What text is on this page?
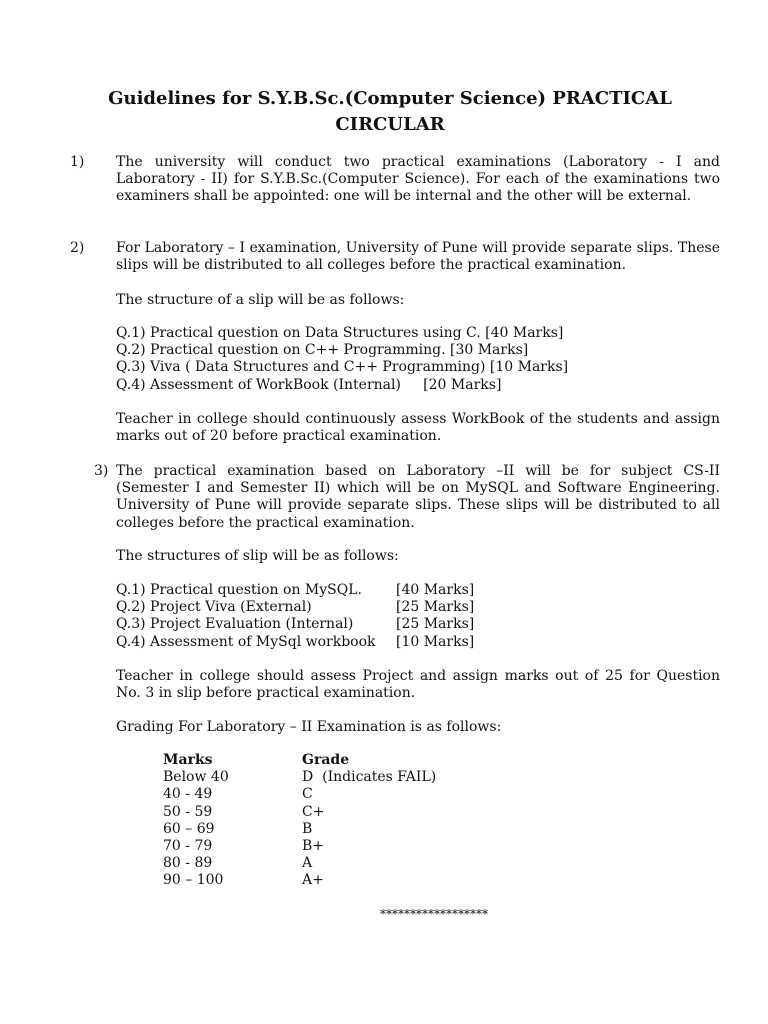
Guidelines for S.Y.B.Sc.(Computer Science) PRACTICAL CIRCULAR
1) The university will conduct two practical examinations (Laboratory - I and Laboratory - II) for S.Y.B.Sc.(Computer Science). For each of the examinations two examiners shall be appointed: one will be internal and the other will be external.

2) For Laboratory – I examination, University of Pune will provide separate slips. These slips will be distributed to all colleges before the practical examination.

The structure of a slip will be as follows:

Q.1) Practical question on Data Structures using C. [40 Marks]
Q.2) Practical question on C++ Programming. [30 Marks]
Q.3) Viva ( Data Structures and C++ Programming) [10 Marks]
Q.4) Assessment of WorkBook (Internal)     [20 Marks]

Teacher in college should continuously assess WorkBook of the students and assign marks out of 20 before practical examination.

3) The practical examination based on Laboratory –II will be for subject CS-II (Semester I and Semester II) which will be on MySQL and Software Engineering. University of Pune will provide separate slips. These slips will be distributed to all colleges before the practical examination.

The structures of slip will be as follows:

Q.1) Practical question on MySQL. [40 Marks]
Q.2) Project Viva (External)	[25 Marks]
Q.3) Project Evaluation (Internal)	[25 Marks]
Q.4) Assessment of MySql workbook [10 Marks]

Teacher in college should assess Project and assign marks out of 25 for Question No. 3 in slip before practical examination.

Grading For Laboratory – II Examination is as follows:

Marks	Grade
Below 40	D  (Indicates FAIL)
40 - 49	C
50 - 59	C+
60 – 69	B
70 - 79	B+
80 - 89	A
90 – 100	A+
******************
